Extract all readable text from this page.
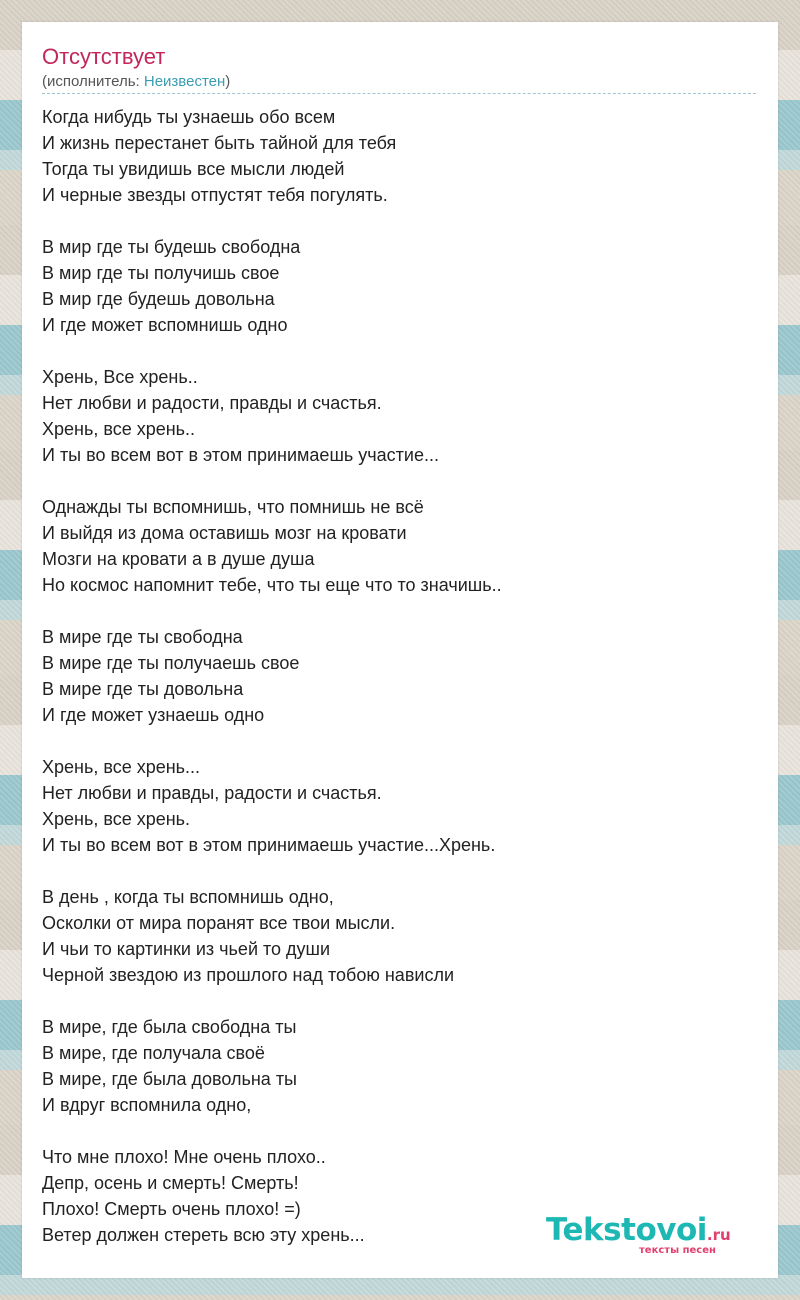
Отсутствует
(исполнитель: Неизвестен)
Когда нибудь ты узнаешь обо всем
И жизнь перестанет быть тайной для тебя
Тогда ты увидишь все мысли людей
И черные звезды отпустят тебя погулять.
В мир где ты будешь свободна
В мир где ты получишь свое
В мир где будешь довольна
И где может вспомнишь одно
Хрень, Все хрень..
Нет любви и радости, правды и счастья.
Хрень, все хрень..
И ты во всем вот в этом принимаешь участие...
Однажды ты вспомнишь, что помнишь не всё
И выйдя из дома оставишь мозг на кровати
Мозги на кровати а в душе душа
Но космос напомнит тебе, что ты еще что то значишь..
В мире где ты свободна
В мире где ты получаешь свое
В мире где ты довольна
И где может узнаешь одно
Хрень, все хрень...
Нет любви и правды, радости и счастья.
Хрень, все хрень.
И ты во всем вот в этом принимаешь участие...Хрень.
В день , когда ты вспомнишь одно,
Осколки от мира поранят все твои мысли.
И чьи то картинки из чьей то души
Черной звездою из прошлого над тобою нависли
В мире, где была свободна ты
В мире, где получала своё
В мире, где была довольна ты
И вдруг вспомнила одно,
Что мне плохо! Мне очень плохо..
Депр, осень и смерть! Смерть!
Плохо! Смерть очень плохо! =)
Ветер должен стереть всю эту хрень...	Tekstovoi.ru
тексты песен
